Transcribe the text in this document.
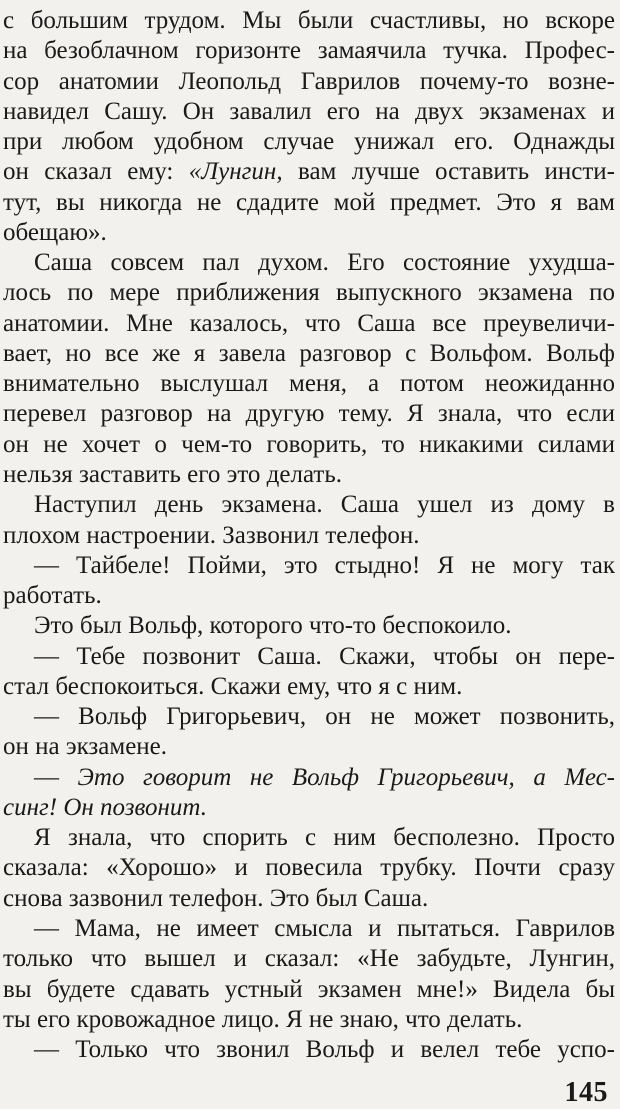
с большим трудом. Мы были счастливы, но вскоре
на безоблачном горизонте замаячила тучка. Профес-
сор анатомии Леопольд Гаврилов почему-то возне-
навидел Сашу. Он завалил его на двух экзаменах и
при любом удобном случае унижал его. Однажды
он сказал ему: «Лунгин, вам лучше оставить инсти-
тут, вы никогда не сдадите мой предмет. Это я вам
обещаю».
Саша совсем пал духом. Его состояние ухудша-
лось по мере приближения выпускного экзамена по
анатомии. Мне казалось, что Саша все преувеличи-
вает, но все же я завела разговор с Вольфом. Вольф
внимательно выслушал меня, а потом неожиданно
перевел разговор на другую тему. Я знала, что если
он не хочет о чем-то говорить, то никакими силами
нельзя заставить его это делать.
Наступил день экзамена. Саша ушел из дому в
плохом настроении. Зазвонил телефон.
— Тайбеле! Пойми, это стыдно! Я не могу так
работать.
Это был Вольф, которого что-то беспокоило.
— Тебе позвонит Саша. Скажи, чтобы он пере-
стал беспокоиться. Скажи ему, что я с ним.
— Вольф Григорьевич, он не может позвонить,
он на экзамене.
— Это говорит не Вольф Григорьевич, а Мес-
синг! Он позвонит.
Я знала, что спорить с ним бесполезно. Просто
сказала: «Хорошо» и повесила трубку. Почти сразу
снова зазвонил телефон. Это был Саша.
— Мама, не имеет смысла и пытаться. Гаврилов
только что вышел и сказал: «Не забудьте, Лунгин,
вы будете сдавать устный экзамен мне!» Видела бы
ты его кровожадное лицо. Я не знаю, что делать.
— Только что звонил Вольф и велел тебе успо-
145
